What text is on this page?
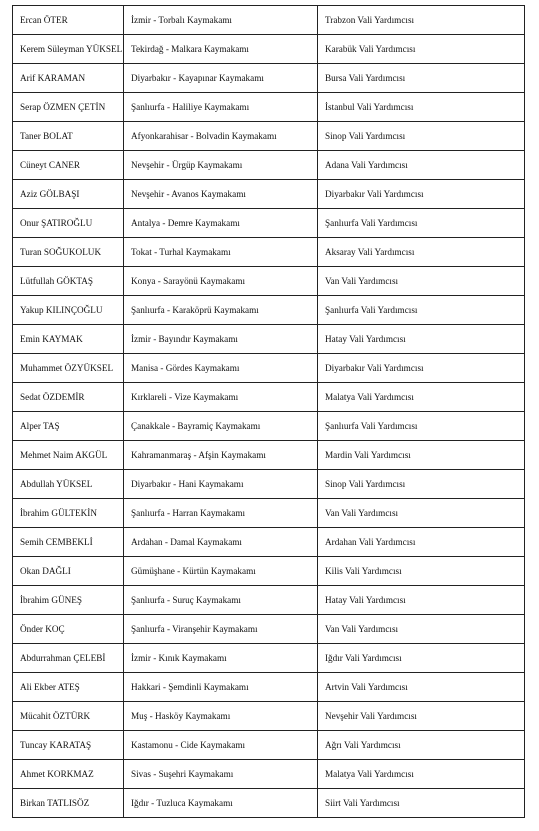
Ercan ÖTER	İzmir - Torbalı Kaymakamı	Trabzon Vali Yardımcısı
Kerem Süleyman YÜKSEL	Tekirdağ - Malkara Kaymakamı	Karabük Vali Yardımcısı
Arif KARAMAN	Diyarbakır - Kayapınar Kaymakamı	Bursa Vali Yardımcısı
Serap ÖZMEN ÇETİN	Şanlıurfa - Haliliye Kaymakamı	İstanbul Vali Yardımcısı
Taner BOLAT	Afyonkarahisar - Bolvadin Kaymakamı	Sinop Vali Yardımcısı
Cüneyt CANER	Nevşehir - Ürgüp Kaymakamı	Adana Vali Yardımcısı
Aziz GÖLBAŞI	Nevşehir - Avanos Kaymakamı	Diyarbakır Vali Yardımcısı
Onur ŞATIROĞLU	Antalya - Demre Kaymakamı	Şanlıurfa Vali Yardımcısı
Turan SOĞUKOLUK	Tokat - Turhal Kaymakamı	Aksaray Vali Yardımcısı
Lütfullah GÖKTAŞ	Konya - Sarayönü Kaymakamı	Van Vali Yardımcısı
Yakup KILINÇOĞLU	Şanlıurfa - Karaköprü Kaymakamı	Şanlıurfa Vali Yardımcısı
Emin KAYMAK	İzmir - Bayındır Kaymakamı	Hatay Vali Yardımcısı
Muhammet ÖZYÜKSEL	Manisa - Gördes Kaymakamı	Diyarbakır Vali Yardımcısı
Sedat ÖZDEMİR	Kırklareli - Vize Kaymakamı	Malatya Vali Yardımcısı
Alper TAŞ	Çanakkale - Bayramiç Kaymakamı	Şanlıurfa Vali Yardımcısı
Mehmet Naim AKGÜL	Kahramanmaraş - Afşin Kaymakamı	Mardin Vali Yardımcısı
Abdullah YÜKSEL	Diyarbakır - Hani Kaymakamı	Sinop Vali Yardımcısı
İbrahim GÜLTEKİN	Şanlıurfa - Harran Kaymakamı	Van Vali Yardımcısı
Semih CEMBEKLİ	Ardahan - Damal Kaymakamı	Ardahan Vali Yardımcısı
Okan DAĞLI	Gümüşhane - Kürtün Kaymakamı	Kilis Vali Yardımcısı
İbrahim GÜNEŞ	Şanlıurfa - Suruç Kaymakamı	Hatay Vali Yardımcısı
Önder KOÇ	Şanlıurfa - Viranşehir Kaymakamı	Van Vali Yardımcısı
Abdurrahman ÇELEBİ	İzmir - Kınık Kaymakamı	Iğdır Vali Yardımcısı
Ali Ekber ATEŞ	Hakkari - Şemdinli Kaymakamı	Artvin Vali Yardımcısı
Mücahit ÖZTÜRK	Muş - Hasköy Kaymakamı	Nevşehir Vali Yardımcısı
Tuncay KARATAŞ	Kastamonu - Cide Kaymakamı	Ağrı Vali Yardımcısı
Ahmet KORKMAZ	Sivas - Suşehri Kaymakamı	Malatya Vali Yardımcısı
Birkan TATLISÖZ	Iğdır - Tuzluca Kaymakamı	Siirt Vali Yardımcısı
